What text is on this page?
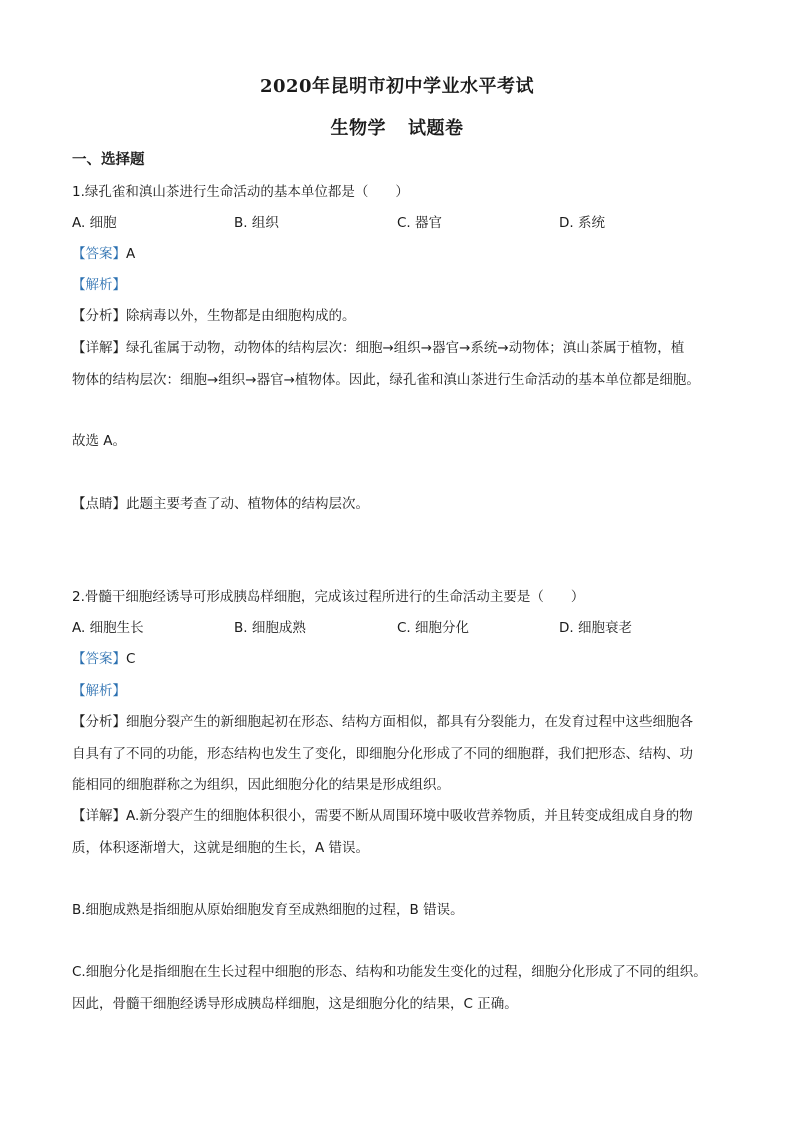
2020年昆明市初中学业水平考试
生物学 试题卷
一、选择题
1.绿孔雀和滇山茶进行生命活动的基本单位都是（　　）
A. 细胞	B. 组织	C. 器官	D. 系统
【答案】A
【解析】
【分析】除病毒以外，生物都是由细胞构成的。
【详解】绿孔雀属于动物，动物体的结构层次：细胞→组织→器官→系统→动物体；滇山茶属于植物，植
物体的结构层次：细胞→组织→器官→植物体。因此，绿孔雀和滇山茶进行生命活动的基本单位都是细胞。
故选 A。
【点睛】此题主要考查了动、植物体的结构层次。
2.骨髓干细胞经诱导可形成胰岛样细胞，完成该过程所进行的生命活动主要是（　　）
A. 细胞生长	B. 细胞成熟	C. 细胞分化	D. 细胞衰老
【答案】C
【解析】
【分析】细胞分裂产生的新细胞起初在形态、结构方面相似，都具有分裂能力，在发育过程中这些细胞各
自具有了不同的功能，形态结构也发生了变化，即细胞分化形成了不同的细胞群，我们把形态、结构、功
能相同的细胞群称之为组织，因此细胞分化的结果是形成组织。
【详解】A.新分裂产生的细胞体积很小，需要不断从周围环境中吸收营养物质，并且转变成组成自身的物
质，体积逐渐增大，这就是细胞的生长，A 错误。
B.细胞成熟是指细胞从原始细胞发育至成熟细胞的过程，B 错误。
C.细胞分化是指细胞在生长过程中细胞的形态、结构和功能发生变化的过程，细胞分化形成了不同的组织。
因此，骨髓干细胞经诱导形成胰岛样细胞，这是细胞分化的结果，C 正确。
